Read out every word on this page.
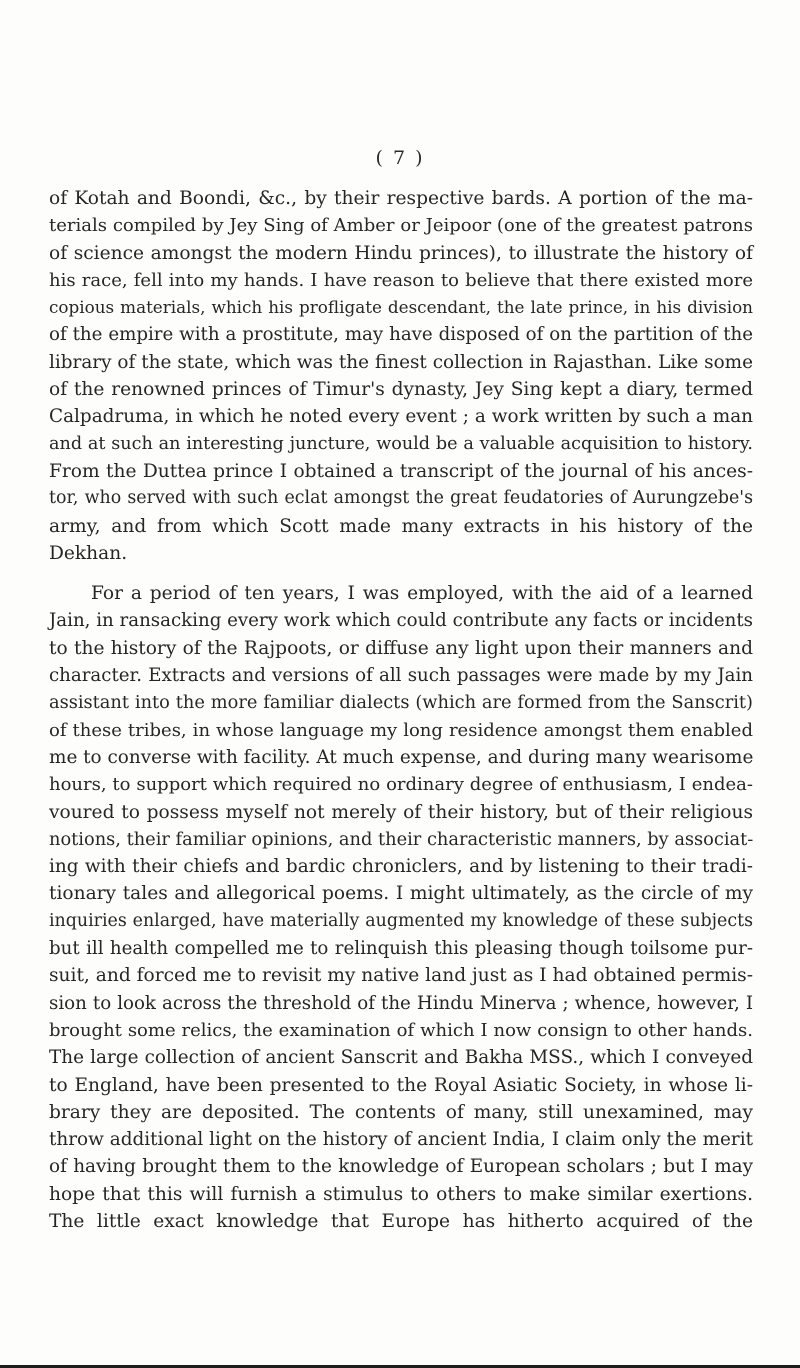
( 7 )
of Kotah and Boondi, &c., by their respective bards. A portion of the ma-
terials compiled by Jey Sing of Amber or Jeipoor (one of the greatest patrons
of science amongst the modern Hindu princes), to illustrate the history of
his race, fell into my hands. I have reason to believe that there existed more
copious materials, which his profligate descendant, the late prince, in his division
of the empire with a prostitute, may have disposed of on the partition of the
library of the state, which was the finest collection in Rajasthan. Like some
of the renowned princes of Timur's dynasty, Jey Sing kept a diary, termed
Calpadruma, in which he noted every event ; a work written by such a man
and at such an interesting juncture, would be a valuable acquisition to history.
From the Duttea prince I obtained a transcript of the journal of his ances-
tor, who served with such eclat amongst the great feudatories of Aurungzebe's
army, and from which Scott made many extracts in his history of the
Dekhan.
For a period of ten years, I was employed, with the aid of a learned
Jain, in ransacking every work which could contribute any facts or incidents
to the history of the Rajpoots, or diffuse any light upon their manners and
character. Extracts and versions of all such passages were made by my Jain
assistant into the more familiar dialects (which are formed from the Sanscrit)
of these tribes, in whose language my long residence amongst them enabled
me to converse with facility. At much expense, and during many wearisome
hours, to support which required no ordinary degree of enthusiasm, I endea-
voured to possess myself not merely of their history, but of their religious
notions, their familiar opinions, and their characteristic manners, by associat-
ing with their chiefs and bardic chroniclers, and by listening to their tradi-
tionary tales and allegorical poems. I might ultimately, as the circle of my
inquiries enlarged, have materially augmented my knowledge of these subjects
but ill health compelled me to relinquish this pleasing though toilsome pur-
suit, and forced me to revisit my native land just as I had obtained permis-
sion to look across the threshold of the Hindu Minerva ; whence, however, I
brought some relics, the examination of which I now consign to other hands.
The large collection of ancient Sanscrit and Bakha MSS., which I conveyed
to England, have been presented to the Royal Asiatic Society, in whose li-
brary they are deposited. The contents of many, still unexamined, may
throw additional light on the history of ancient India, I claim only the merit
of having brought them to the knowledge of European scholars ; but I may
hope that this will furnish a stimulus to others to make similar exertions.
The little exact knowledge that Europe has hitherto acquired of the
